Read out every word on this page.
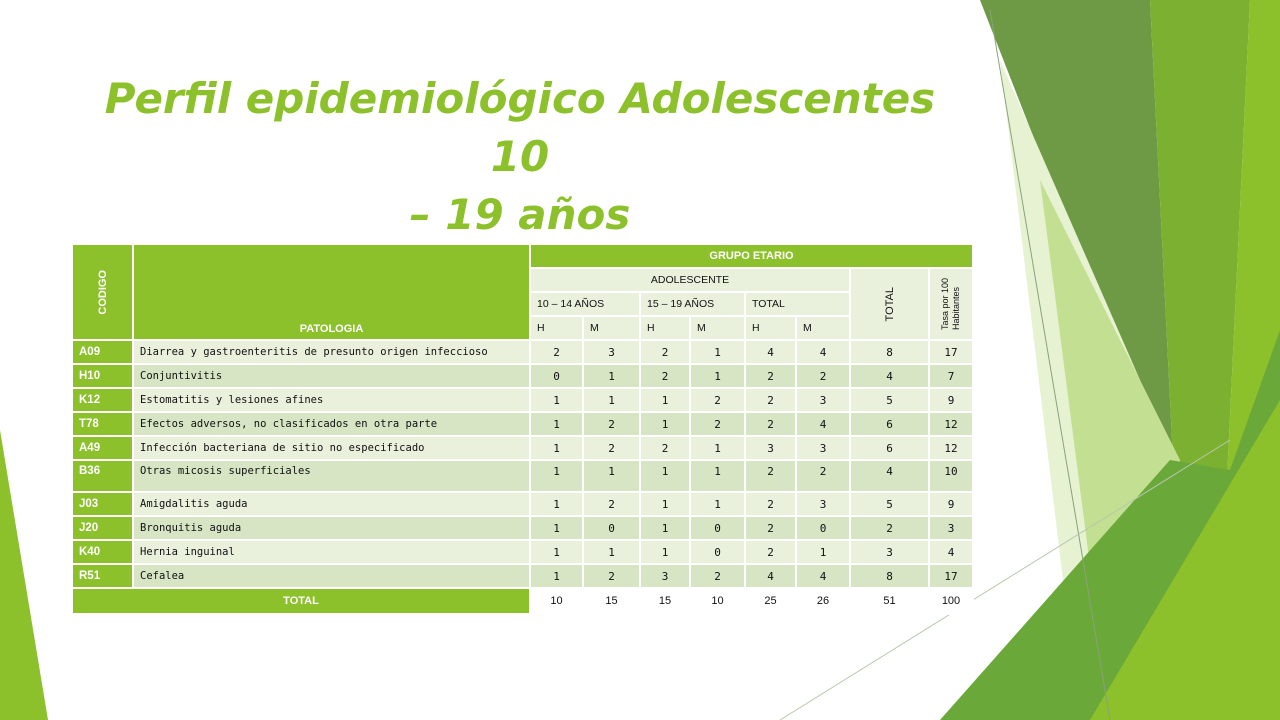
Perfil epidemiológico Adolescentes 10
– 19 años
CODIGO	PATOLOGIA	GRUPO ETARIO							
		ADOLESCENTE						TOTAL	Tasa por 100
Habitantes

		10 – 14 AÑOS		15 – 19 AÑOS		TOTAL			
		H	M	H	M	H	M		
A09	Diarrea y gastroenteritis de presunto origen infeccioso	2	3	2	1	4	4	8	17
H10	Conjuntivitis	0	1	2	1	2	2	4	7
K12	Estomatitis y lesiones afines	1	1	1	2	2	3	5	9
T78	Efectos adversos, no clasificados en otra parte	1	2	1	2	2	4	6	12
A49	Infección bacteriana de sitio no especificado	1	2	2	1	3	3	6	12
B36	Otras micosis superficiales	1	1	1	1	2	2	4	10
J03	Amigdalitis aguda	1	2	1	1	2	3	5	9
J20	Bronquitis aguda	1	0	1	0	2	0	2	3
K40	Hernia inguinal	1	1	1	0	2	1	3	4
R51	Cefalea	1	2	3	2	4	4	8	17
TOTAL		10	15	15	10	25	26	51	100
